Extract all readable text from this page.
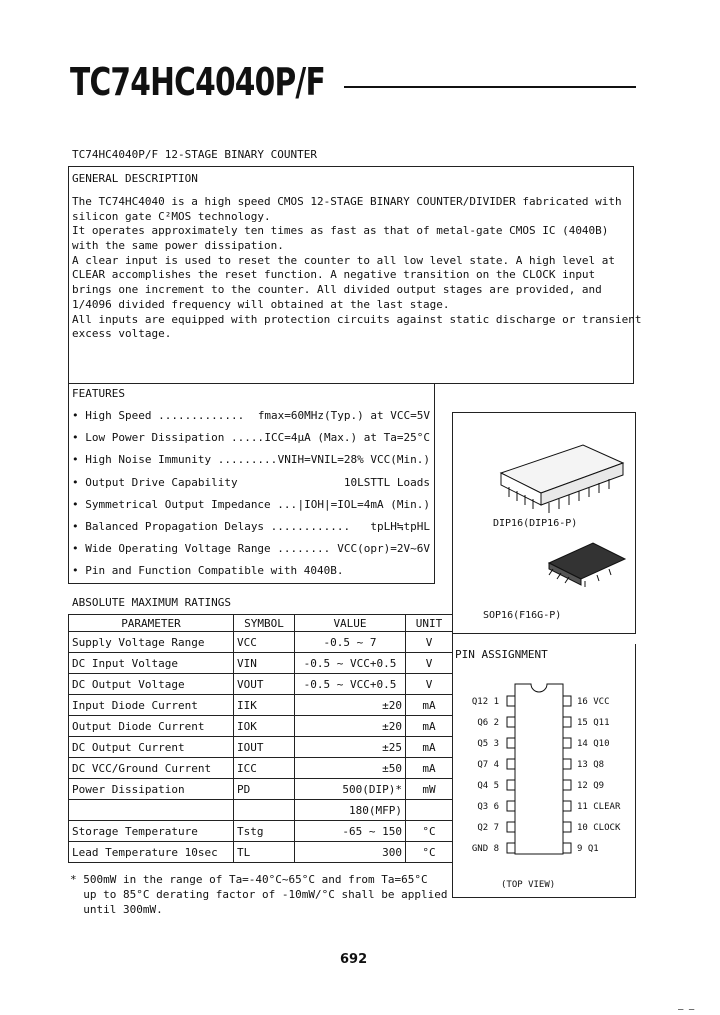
TC74HC4040P/F
TC74HC4040P/F 12-STAGE BINARY COUNTER
GENERAL DESCRIPTION
The TC74HC4040 is a high speed CMOS 12-STAGE BINARY COUNTER/DIVIDER fabricated with
silicon gate C²MOS technology.
It operates approximately ten times as fast as that of metal-gate CMOS IC (4040B)
with the same power dissipation.
A clear input is used to reset the counter to all low level state. A high level at
CLEAR accomplishes the reset function. A negative transition on the CLOCK input
brings one increment to the counter. All divided output stages are provided, and
1/4096 divided frequency will obtained at the last stage.
All inputs are equipped with protection circuits against static discharge or transient
excess voltage.
FEATURES
• High Speed ............. fmax=60MHz(Typ.) at VCC=5V
• Low Power Dissipation ..... ICC=4μA (Max.) at Ta=25°C
• High Noise Immunity ......... VNIH=VNIL=28% VCC(Min.)
• Output Drive Capability	10LSTTL Loads
• Symmetrical Output Impedance ... |IOH|=IOL=4mA (Min.)
• Balanced Propagation Delays ............ tpLH≒tpHL
• Wide Operating Voltage Range ........ VCC(opr)=2V~6V
• Pin and Function Compatible with 4040B.
DIP16(DIP16-P)
SOP16(F16G-P)
ABSOLUTE MAXIMUM RATINGS
PARAMETER	SYMBOL	VALUE	UNIT
Supply Voltage Range	VCC	-0.5 ~ 7	V
DC Input Voltage	VIN	-0.5 ~ VCC+0.5	V
DC Output Voltage	VOUT	-0.5 ~ VCC+0.5	V
Input Diode Current	IIK	±20	mA
Output Diode Current	IOK	±20	mA
DC Output Current	IOUT	±25	mA
DC VCC/Ground Current	ICC	±50	mA
Power Dissipation	PD	500(DIP)*	mW
		180(MFP)	
Storage Temperature	Tstg	-65 ~ 150	°C
Lead Temperature 10sec	TL	300	°C
PIN ASSIGNMENT
Q12 1
Q6 2
Q5 3
Q7 4
Q4 5
Q3 6
Q2 7
GND 8
16 VCC
15 Q11
14 Q10
13 Q8
12 Q9
11 CLEAR
10 CLOCK
9 Q1
(TOP VIEW)
* 500mW in the range of Ta=-40°C~65°C and from Ta=65°C
up to 85°C derating factor of -10mW/°C shall be applied
until 300mW.
692
— —
